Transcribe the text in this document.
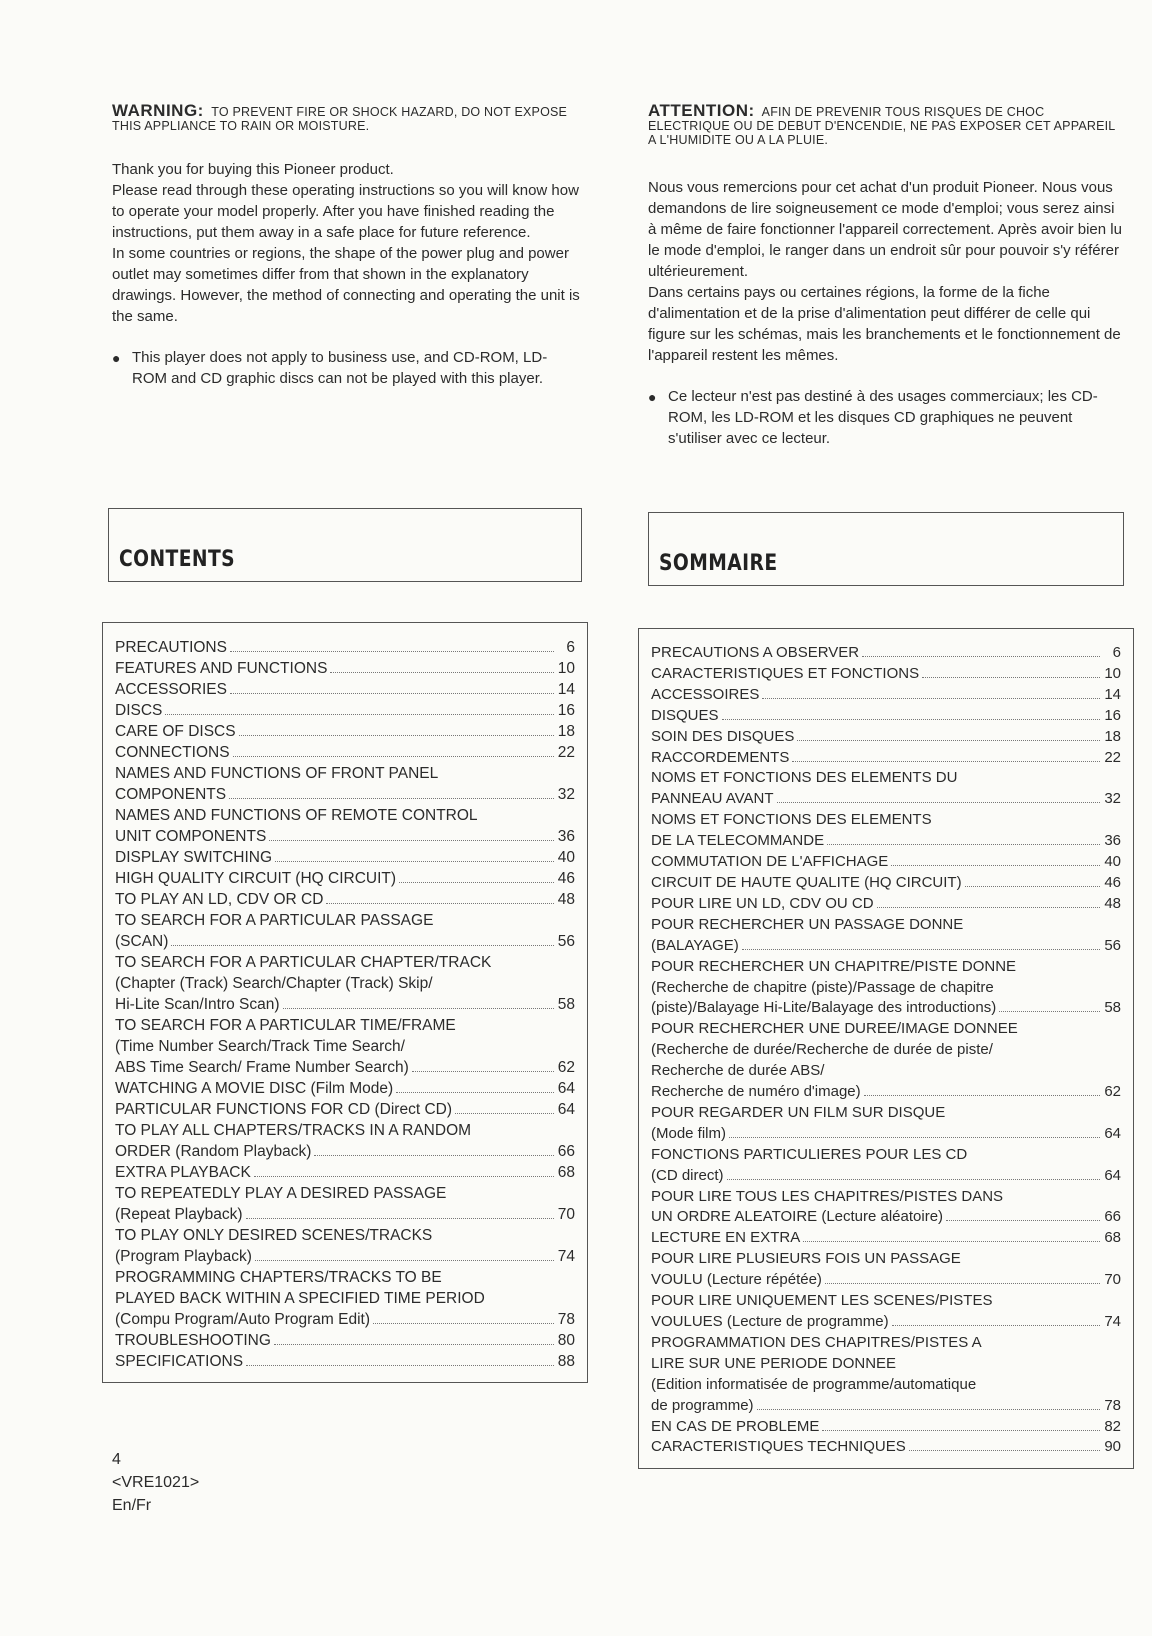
WARNING: TO PREVENT FIRE OR SHOCK HAZARD, DO NOT EXPOSE THIS APPLIANCE TO RAIN OR MOISTURE.

Thank you for buying this Pioneer product.

Please read through these operating instructions so you will know how to operate your model properly. After you have finished reading the instructions, put them away in a safe place for future reference.

In some countries or regions, the shape of the power plug and power outlet may sometimes differ from that shown in the explanatory drawings. However, the method of connecting and operating the unit is the same.

● This player does not apply to business use, and CD-ROM, LD-ROM and CD graphic discs can not be played with this player.
ATTENTION: AFIN DE PREVENIR TOUS RISQUES DE CHOC ELECTRIQUE OU DE DEBUT D'ENCENDIE, NE PAS EXPOSER CET APPAREIL A L'HUMIDITE OU A LA PLUIE.

Nous vous remercions pour cet achat d'un produit Pioneer. Nous vous demandons de lire soigneusement ce mode d'emploi; vous serez ainsi à même de faire fonctionner l'appareil correctement. Après avoir bien lu le mode d'emploi, le ranger dans un endroit sûr pour pouvoir s'y référer ultérieurement.

Dans certains pays ou certaines régions, la forme de la fiche d'alimentation et de la prise d'alimentation peut différer de celle qui figure sur les schémas, mais les branchements et le fonctionnement de l'appareil restent les mêmes.

● Ce lecteur n'est pas destiné à des usages commerciaux; les CD-ROM, les LD-ROM et les disques CD graphiques ne peuvent s'utiliser avec ce lecteur.
CONTENTS	SOMMAIRE
PRECAUTIONS	6
FEATURES AND FUNCTIONS	10
ACCESSORIES	14
DISCS	16
CARE OF DISCS	18
CONNECTIONS	22
NAMES AND FUNCTIONS OF FRONT PANEL
COMPONENTS	32
NAMES AND FUNCTIONS OF REMOTE CONTROL
UNIT COMPONENTS	36
DISPLAY SWITCHING	40
HIGH QUALITY CIRCUIT (HQ CIRCUIT)	46
TO PLAY AN LD, CDV OR CD	48
TO SEARCH FOR A PARTICULAR PASSAGE
(SCAN)	56
TO SEARCH FOR A PARTICULAR CHAPTER/TRACK
(Chapter (Track) Search/Chapter (Track) Skip/
Hi-Lite Scan/Intro Scan)	58
TO SEARCH FOR A PARTICULAR TIME/FRAME
(Time Number Search/Track Time Search/
ABS Time Search/ Frame Number Search)	62
WATCHING A MOVIE DISC (Film Mode)	64
PARTICULAR FUNCTIONS FOR CD (Direct CD)	64
TO PLAY ALL CHAPTERS/TRACKS IN A RANDOM
ORDER (Random Playback)	66
EXTRA PLAYBACK	68
TO REPEATEDLY PLAY A DESIRED PASSAGE
(Repeat Playback)	70
TO PLAY ONLY DESIRED SCENES/TRACKS
(Program Playback)	74
PROGRAMMING CHAPTERS/TRACKS TO BE
PLAYED BACK WITHIN A SPECIFIED TIME PERIOD
(Compu Program/Auto Program Edit)	78
TROUBLESHOOTING	80
SPECIFICATIONS	88
PRECAUTIONS A OBSERVER	6
CARACTERISTIQUES ET FONCTIONS	10
ACCESSOIRES	14
DISQUES	16
SOIN DES DISQUES	18
RACCORDEMENTS	22
NOMS ET FONCTIONS DES ELEMENTS DU
PANNEAU AVANT	32
NOMS ET FONCTIONS DES ELEMENTS
DE LA TELECOMMANDE	36
COMMUTATION DE L'AFFICHAGE	40
CIRCUIT DE HAUTE QUALITE (HQ CIRCUIT)	46
POUR LIRE UN LD, CDV OU CD	48
POUR RECHERCHER UN PASSAGE DONNE
(BALAYAGE)	56
POUR RECHERCHER UN CHAPITRE/PISTE DONNE
(Recherche de chapitre (piste)/Passage de chapitre
(piste)/Balayage Hi-Lite/Balayage des introductions)	58
POUR RECHERCHER UNE DUREE/IMAGE DONNEE
(Recherche de durée/Recherche de durée de piste/
Recherche de durée ABS/
Recherche de numéro d'image)	62
POUR REGARDER UN FILM SUR DISQUE
(Mode film)	64
FONCTIONS PARTICULIERES POUR LES CD
(CD direct)	64
POUR LIRE TOUS LES CHAPITRES/PISTES DANS
UN ORDRE ALEATOIRE (Lecture aléatoire)	66
LECTURE EN EXTRA	68
POUR LIRE PLUSIEURS FOIS UN PASSAGE
VOULU (Lecture répétée)	70
POUR LIRE UNIQUEMENT LES SCENES/PISTES
VOULUES (Lecture de programme)	74
PROGRAMMATION DES CHAPITRES/PISTES A
LIRE SUR UNE PERIODE DONNEE
(Edition informatisée de programme/automatique
de programme)	78
EN CAS DE PROBLEME	82
CARACTERISTIQUES TECHNIQUES	90
4
<VRE1021>
En/Fr
